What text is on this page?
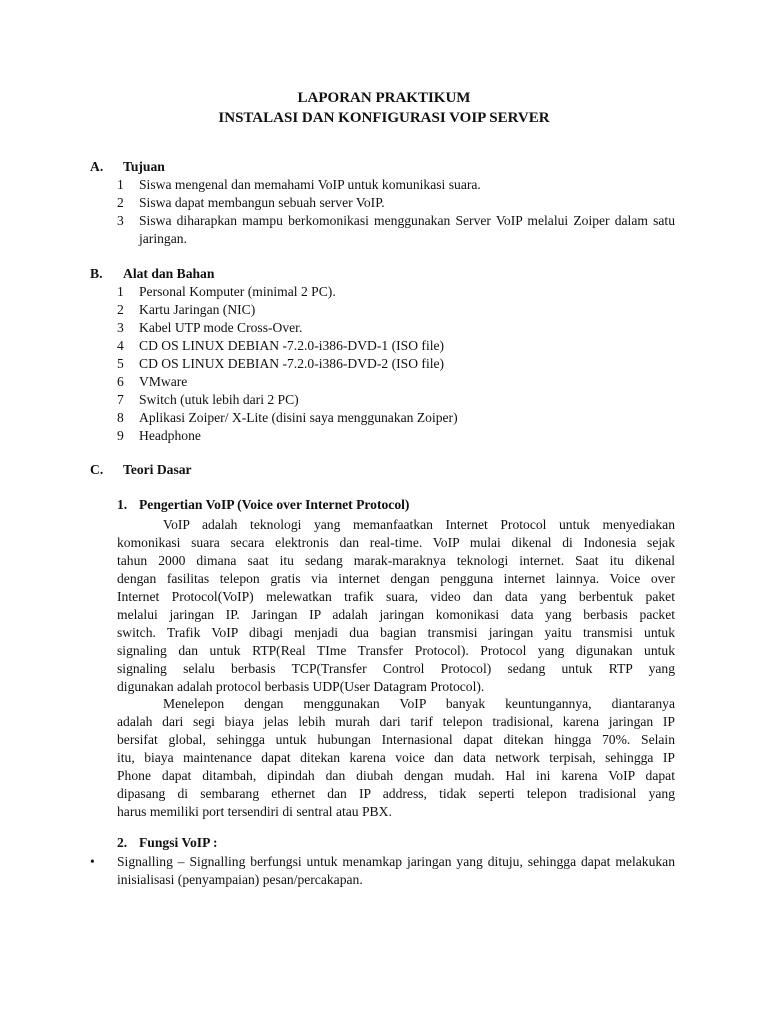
LAPORAN PRAKTIKUM
INSTALASI DAN KONFIGURASI VOIP SERVER
A. Tujuan
1 Siswa mengenal dan memahami VoIP untuk komunikasi suara.
2 Siswa dapat membangun sebuah server VoIP.
3 Siswa diharapkan mampu berkomonikasi menggunakan Server VoIP melalui Zoiper dalam satu jaringan.
B. Alat dan Bahan
1 Personal Komputer (minimal 2 PC).
2 Kartu Jaringan (NIC)
3 Kabel UTP mode Cross-Over.
4 CD OS LINUX DEBIAN -7.2.0-i386-DVD-1 (ISO file)
5 CD OS LINUX DEBIAN -7.2.0-i386-DVD-2 (ISO file)
6 VMware
7 Switch (utuk lebih dari 2 PC)
8 Aplikasi Zoiper/ X-Lite (disini saya menggunakan Zoiper)
9 Headphone
C. Teori Dasar
1. Pengertian VoIP (Voice over Internet Protocol)
VoIP adalah teknologi yang memanfaatkan Internet Protocol untuk menyediakan
komonikasi suara secara elektronis dan real-time. VoIP mulai dikenal di Indonesia sejak
tahun 2000 dimana saat itu sedang marak-maraknya teknologi internet. Saat itu dikenal
dengan fasilitas telepon gratis via internet dengan pengguna internet lainnya. Voice over
Internet Protocol(VoIP) melewatkan trafik suara, video dan data yang berbentuk paket
melalui jaringan IP. Jaringan IP adalah jaringan komonikasi data yang berbasis packet
switch. Trafik VoIP dibagi menjadi dua bagian transmisi jaringan yaitu transmisi untuk
signaling dan untuk RTP(Real TIme Transfer Protocol). Protocol yang digunakan untuk
signaling selalu berbasis TCP(Transfer Control Protocol) sedang untuk RTP yang
digunakan adalah protocol berbasis UDP(User Datagram Protocol).
Menelepon dengan menggunakan VoIP banyak keuntungannya, diantaranya
adalah dari segi biaya jelas lebih murah dari tarif telepon tradisional, karena jaringan IP
bersifat global, sehingga untuk hubungan Internasional dapat ditekan hingga 70%. Selain
itu, biaya maintenance dapat ditekan karena voice dan data network terpisah, sehingga IP
Phone dapat ditambah, dipindah dan diubah dengan mudah. Hal ini karena VoIP dapat
dipasang di sembarang ethernet dan IP address, tidak seperti telepon tradisional yang
harus memiliki port tersendiri di sentral atau PBX.
2. Fungsi VoIP :
• Signalling – Signalling berfungsi untuk menamkap jaringan yang dituju, sehingga dapat melakukan inisialisasi (penyampaian) pesan/percakapan.
